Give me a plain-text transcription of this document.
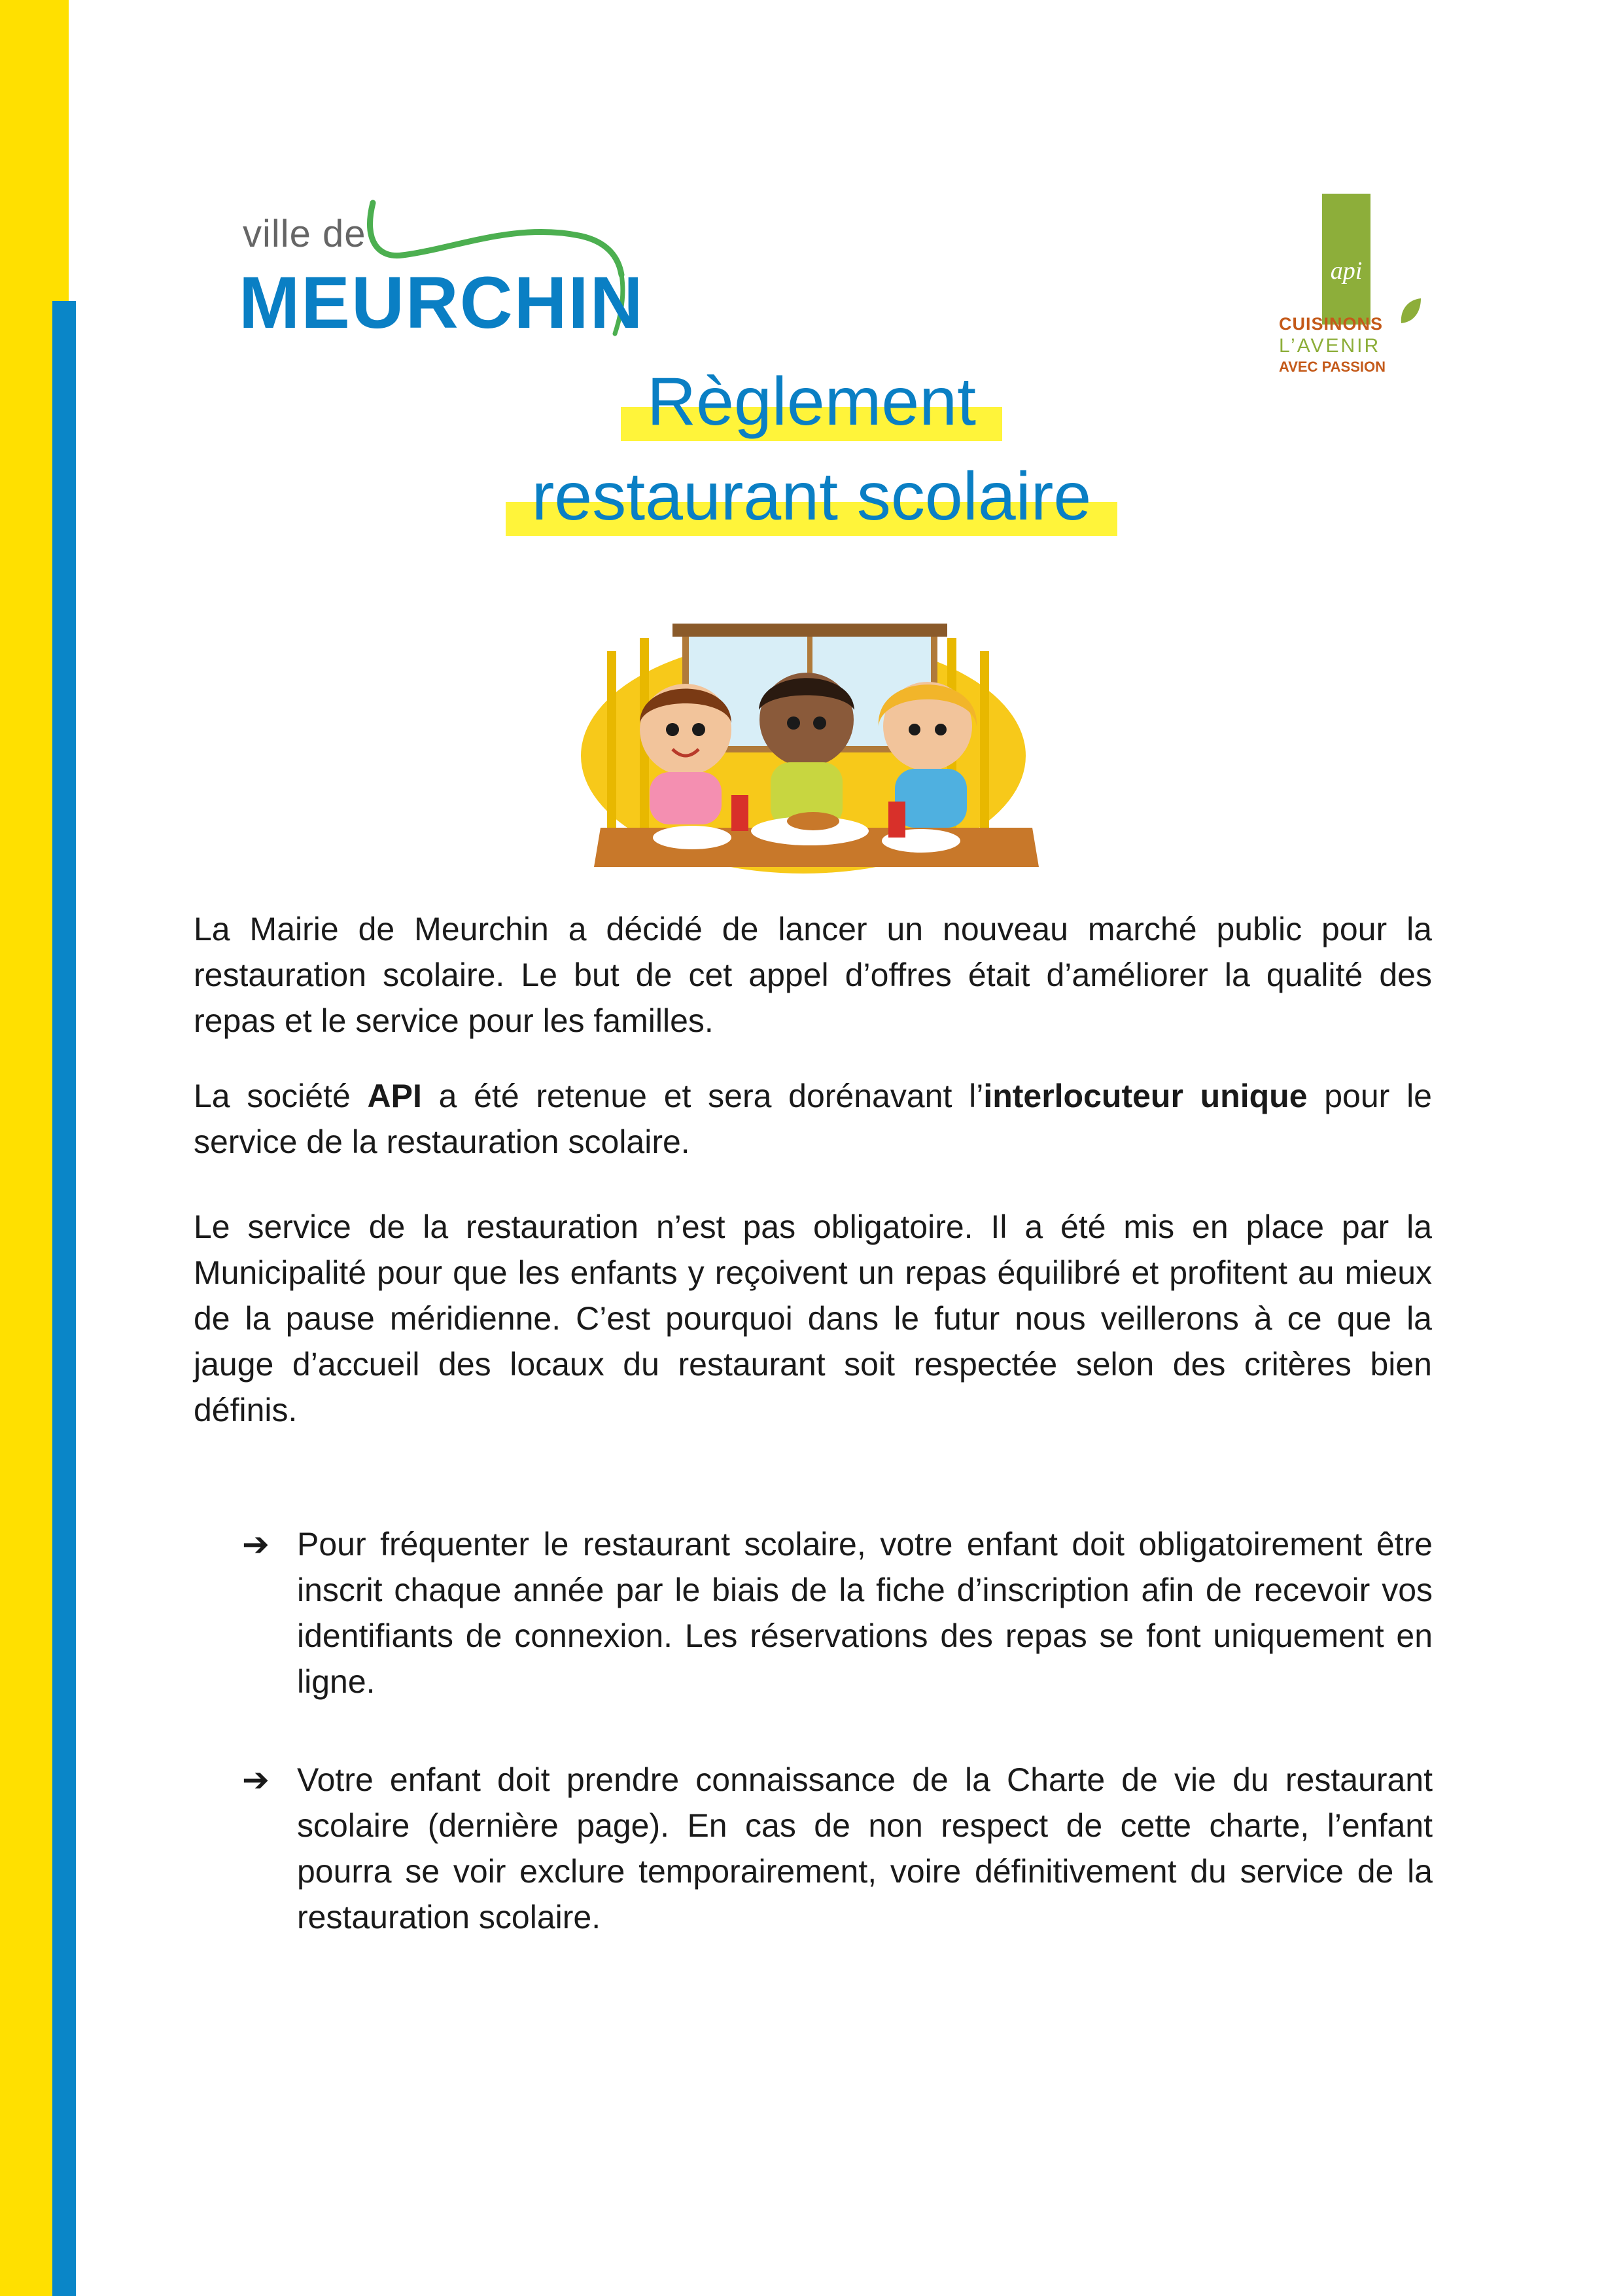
ville de
MEURCHIN	api
CUISINONS
L’AVENIR
AVEC PASSION
Règlement
restaurant scolaire
La Mairie de Meurchin a décidé de lancer un nouveau marché public pour la restauration scolaire. Le but de cet appel d’offres était d’améliorer la qualité des repas et le service pour les familles.
La société API a été retenue et sera dorénavant l’interlocuteur unique pour le service de la restauration scolaire.
Le service de la restauration n’est pas obligatoire. Il a été mis en place par la Municipalité pour que les enfants y reçoivent un repas équilibré et profitent au mieux de la pause méridienne. C’est pourquoi dans le futur nous veillerons à ce que la jauge d’accueil des locaux du restaurant soit respectée selon des critères bien définis.
➔ Pour fréquenter le restaurant scolaire, votre enfant doit obligatoirement être inscrit chaque année par le biais de la fiche d’inscription afin de recevoir vos identifiants de connexion. Les réservations des repas se font uniquement en ligne.
➔ Votre enfant doit prendre connaissance de la Charte de vie du restaurant scolaire (dernière page). En cas de non respect de cette charte, l’enfant pourra se voir exclure temporairement, voire définitivement du service de la restauration scolaire.
